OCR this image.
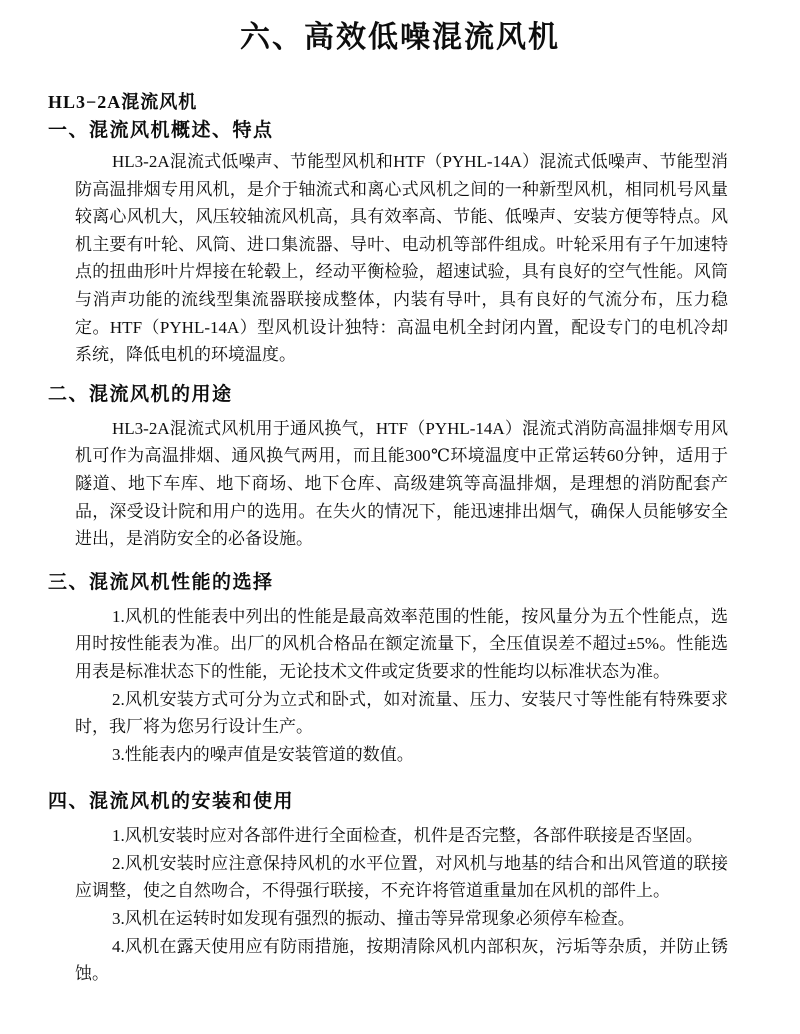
六、高效低噪混流风机
HL3−2A混流风机
一、混流风机概述、特点

HL3-2A混流式低噪声、节能型风机和HTF（PYHL-14A）混流式低噪声、节能型消防高温排烟专用风机，是介于轴流式和离心式风机之间的一种新型风机，相同机号风量较离心风机大，风压较轴流风机高，具有效率高、节能、低噪声、安装方便等特点。风机主要有叶轮、风筒、进口集流器、导叶、电动机等部件组成。叶轮采用有子午加速特点的扭曲形叶片焊接在轮毂上，经动平衡检验，超速试验，具有良好的空气性能。风筒与消声功能的流线型集流器联接成整体，内装有导叶，具有良好的气流分布，压力稳定。HTF（PYHL-14A）型风机设计独特：高温电机全封闭内置，配设专门的电机冷却系统，降低电机的环境温度。

二、混流风机的用途

HL3-2A混流式风机用于通风换气，HTF（PYHL-14A）混流式消防高温排烟专用风机可作为高温排烟、通风换气两用，而且能300℃环境温度中正常运转60分钟，适用于隧道、地下车库、地下商场、地下仓库、高级建筑等高温排烟，是理想的消防配套产品，深受设计院和用户的选用。在失火的情况下，能迅速排出烟气，确保人员能够安全进出，是消防安全的必备设施。

三、混流风机性能的选择

1.风机的性能表中列出的性能是最高效率范围的性能，按风量分为五个性能点，选用时按性能表为准。出厂的风机合格品在额定流量下，全压值误差不超过±5%。性能选用表是标准状态下的性能，无论技术文件或定货要求的性能均以标准状态为准。

2.风机安装方式可分为立式和卧式，如对流量、压力、安装尺寸等性能有特殊要求时，我厂将为您另行设计生产。

3.性能表内的噪声值是安装管道的数值。

四、混流风机的安装和使用

1.风机安装时应对各部件进行全面检查，机件是否完整，各部件联接是否坚固。

2.风机安装时应注意保持风机的水平位置，对风机与地基的结合和出风管道的联接应调整，使之自然吻合，不得强行联接，不充许将管道重量加在风机的部件上。

3.风机在运转时如发现有强烈的振动、撞击等异常现象必须停车检查。

4.风机在露天使用应有防雨措施，按期清除风机内部积灰，污垢等杂质，并防止锈蚀。
